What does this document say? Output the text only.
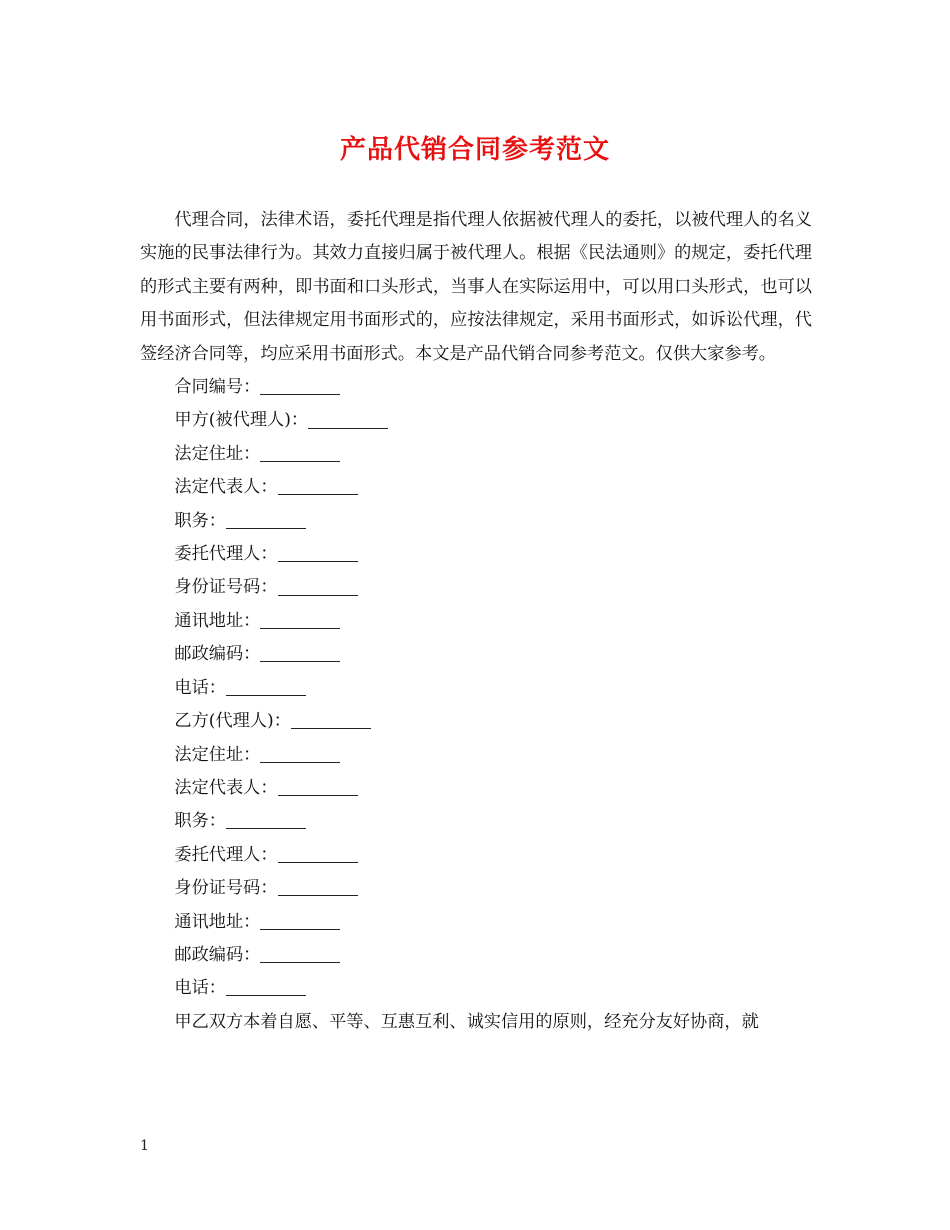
产品代销合同参考范文

代理合同，法律术语，委托代理是指代理人依据被代理人的委托，以被代理人的名义实施的民事法律行为。其效力直接归属于被代理人。根据《民法通则》的规定，委托代理的形式主要有两种，即书面和口头形式，当事人在实际运用中，可以用口头形式，也可以用书面形式，但法律规定用书面形式的，应按法律规定，采用书面形式，如诉讼代理，代签经济合同等，均应采用书面形式。本文是产品代销合同参考范文。仅供大家参考。

合同编号：

甲方(被代理人)：

法定住址：

法定代表人：

职务：

委托代理人：

身份证号码：

通讯地址：

邮政编码：

电话：

乙方(代理人)：

法定住址：

法定代表人：

职务：

委托代理人：

身份证号码：

通讯地址：

邮政编码：

电话：

甲乙双方本着自愿、平等、互惠互利、诚实信用的原则，经充分友好协商，就

1
